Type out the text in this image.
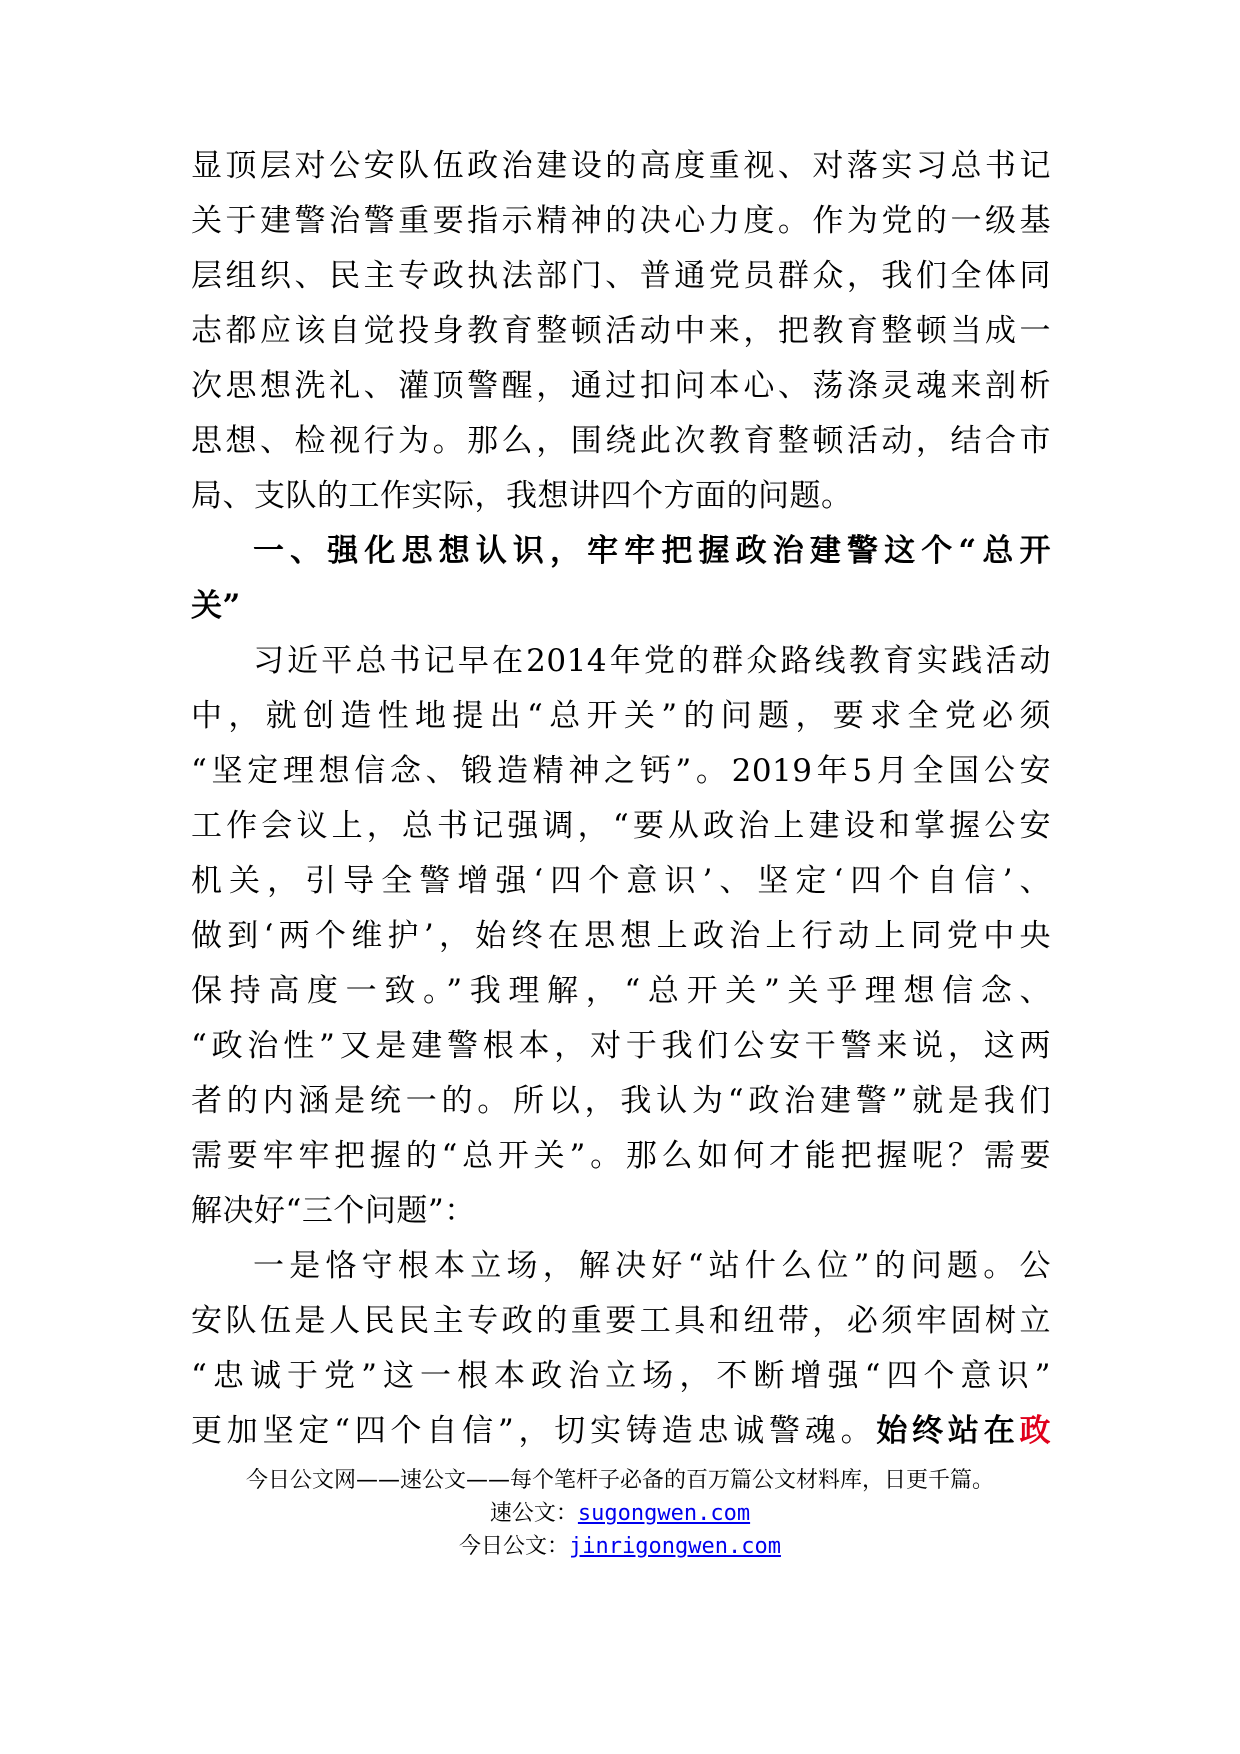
显顶层对公安队伍政治建设的高度重视、对落实习总书记
关于建警治警重要指示精神的决心力度。作为党的一级基
层组织、民主专政执法部门、普通党员群众，我们全体同
志都应该自觉投身教育整顿活动中来，把教育整顿当成一
次思想洗礼、灌顶警醒，通过扣问本心、荡涤灵魂来剖析
思想、检视行为。那么，围绕此次教育整顿活动，结合市
局、支队的工作实际，我想讲四个方面的问题。
一、强化思想认识，牢牢把握政治建警这个“总开
关”
习近平总书记早在2014年党的群众路线教育实践活动
中，就创造性地提出“总开关”的问题，要求全党必须
“坚定理想信念、锻造精神之钙”。2019年5月全国公安
工作会议上，总书记强调，“要从政治上建设和掌握公安
机关，引导全警增强‘四个意识’、坚定‘四个自信’、
做到‘两个维护’，始终在思想上政治上行动上同党中央
保持高度一致。”我理解，“总开关”关乎理想信念、
“政治性”又是建警根本，对于我们公安干警来说，这两
者的内涵是统一的。所以，我认为“政治建警”就是我们
需要牢牢把握的“总开关”。那么如何才能把握呢？需要
解决好“三个问题”：
一是恪守根本立场，解决好“站什么位”的问题。公
安队伍是人民民主专政的重要工具和纽带，必须牢固树立
“忠诚于党”这一根本政治立场，不断增强“四个意识”
更加坚定“四个自信”，切实铸造忠诚警魂。始终站在政
今日公文网——速公文——每个笔杆子必备的百万篇公文材料库，日更千篇。
速公文：sugongwen.com
今日公文：jinrigongwen.com
